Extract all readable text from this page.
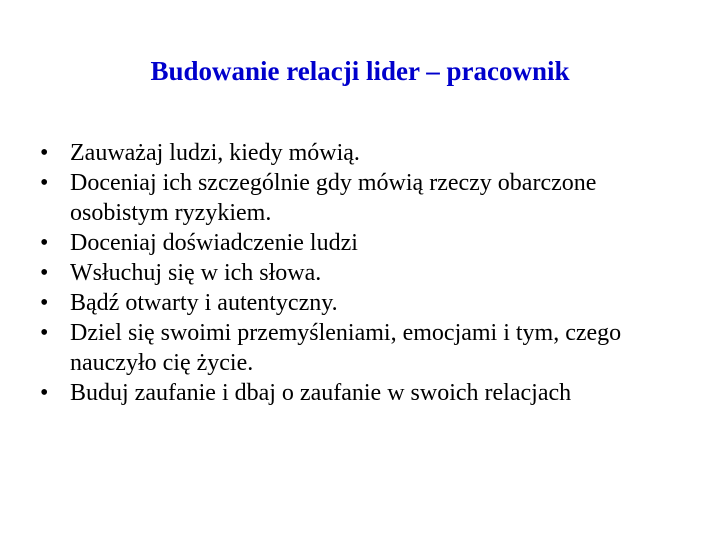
Budowanie relacji lider – pracownik
• Zauważaj ludzi, kiedy mówią.
• Doceniaj ich szczególnie gdy mówią rzeczy obarczone osobistym ryzykiem.
• Doceniaj doświadczenie ludzi
• Wsłuchuj się w ich słowa.
• Bądź otwarty i autentyczny.
• Dziel się swoimi przemyśleniami, emocjami i tym, czego nauczyło cię życie.
• Buduj zaufanie i dbaj o zaufanie w swoich relacjach
